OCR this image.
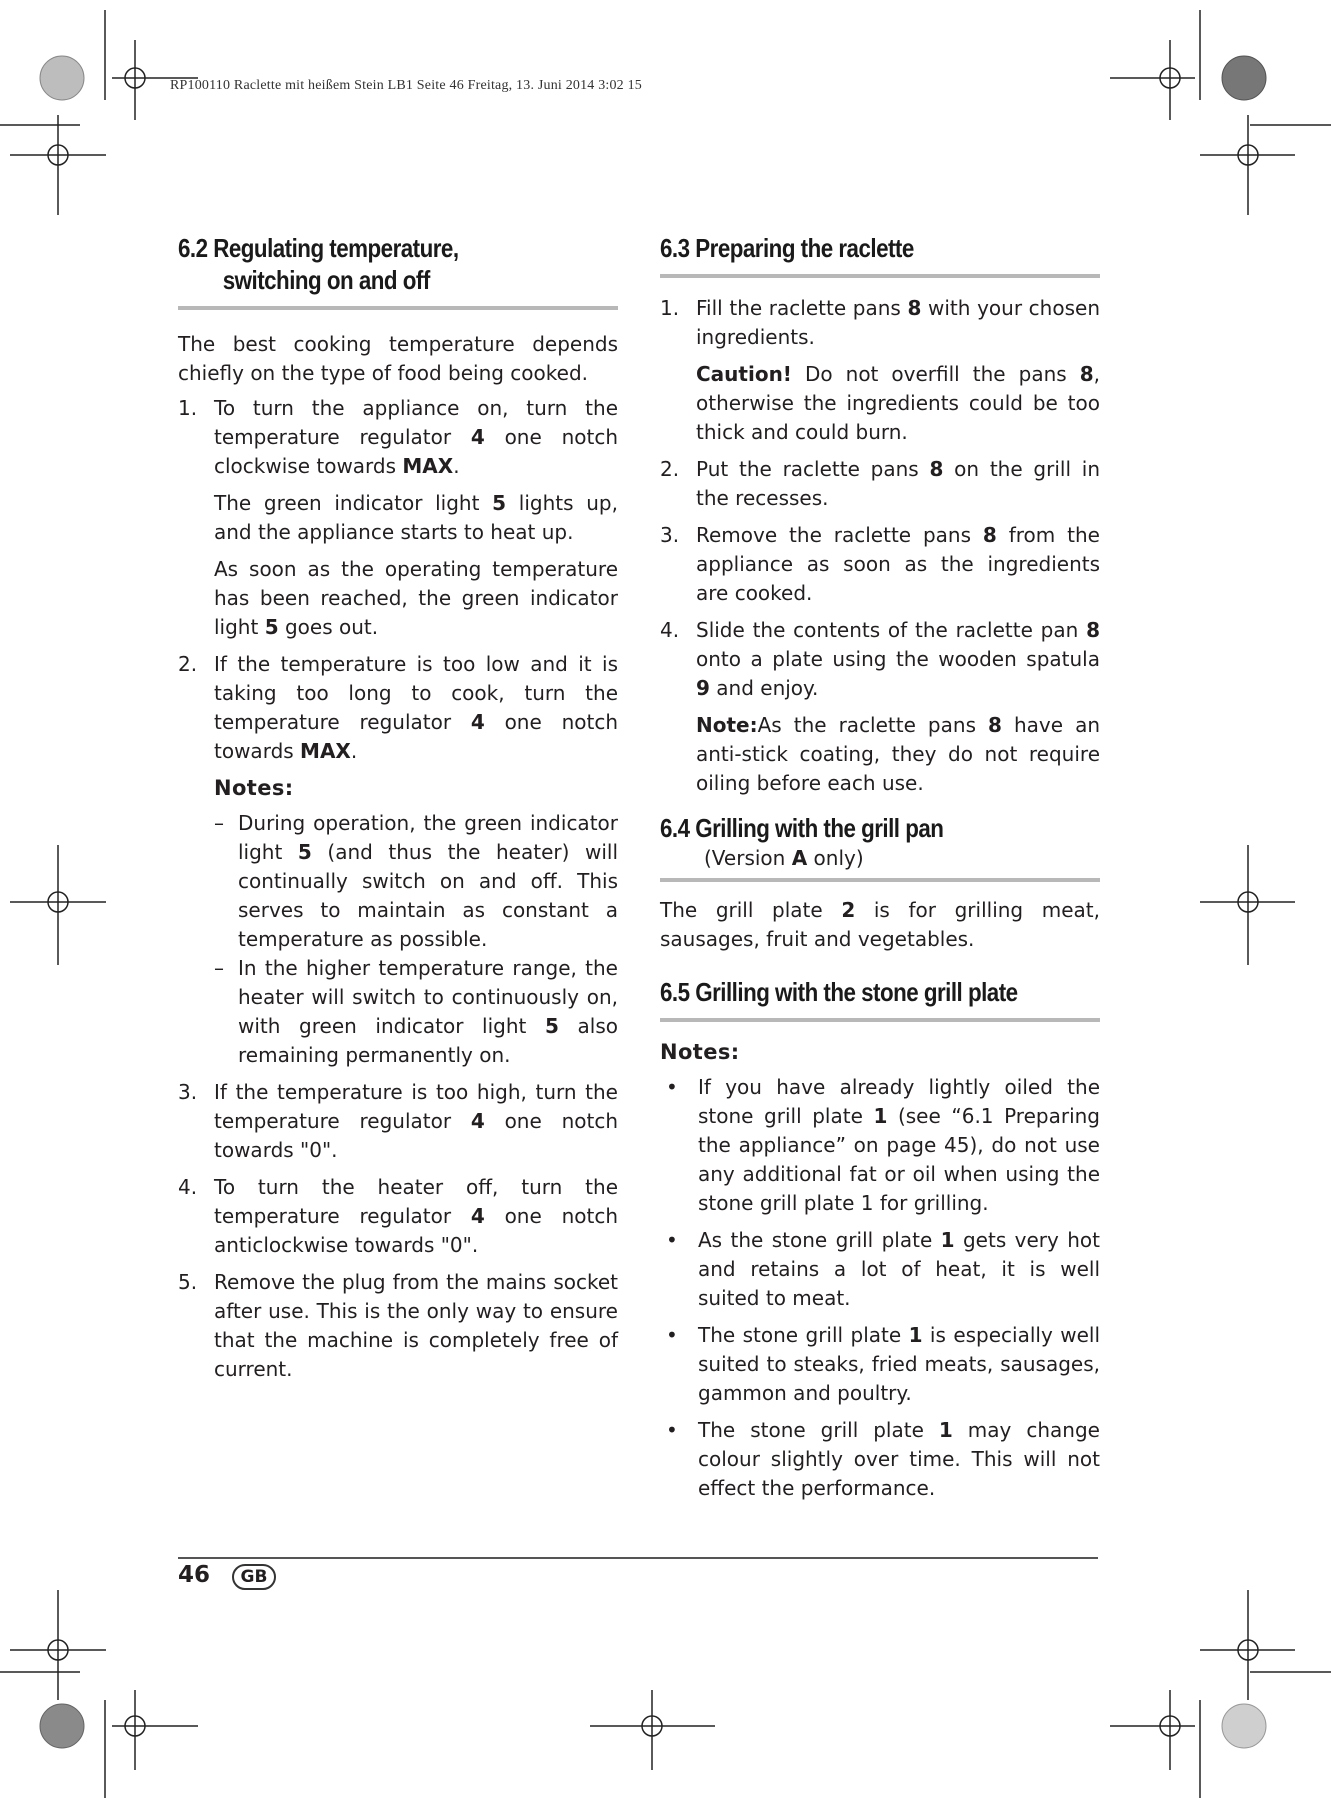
RP100110 Raclette mit heißem Stein LB1 Seite 46 Freitag, 13. Juni 2014 3:02 15
6.2 Regulating temperature,
switching on and off

The best cooking temperature depends chiefly on the type of food being cooked.

1. To turn the appliance on, turn the temperature regulator 4 one notch clockwise towards MAX.

The green indicator light 5 lights up, and the appliance starts to heat up.

As soon as the operating temperature has been reached, the green indicator light 5 goes out.

2. If the temperature is too low and it is taking too long to cook, turn the temperature regulator 4 one notch towards MAX.

Notes:

– During operation, the green indicator light 5 (and thus the heater) will continually switch on and off. This serves to maintain as constant a temperature as possible.
– In the higher temperature range, the heater will switch to continuously on, with green indicator light 5 also remaining permanently on.
3. If the temperature is too high, turn the temperature regulator 4 one notch towards "0".

4. To turn the heater off, turn the temperature regulator 4 one notch anticlockwise towards "0".

5. Remove the plug from the mains socket after use. This is the only way to ensure that the machine is completely free of current.

6.3 Preparing the raclette
1. Fill the raclette pans 8 with your chosen ingredients.

Caution! Do not overfill the pans 8, otherwise the ingredients could be too thick and could burn.

2. Put the raclette pans 8 on the grill in the recesses.

3. Remove the raclette pans 8 from the appliance as soon as the ingredients are cooked.

4. Slide the contents of the raclette pan 8 onto a plate using the wooden spatula 9 and enjoy.

Note:As the raclette pans 8 have an anti-stick coating, they do not require oiling before each use.

6.4 Grilling with the grill pan

(Version A only)

The grill plate 2 is for grilling meat, sausages, fruit and vegetables.

6.5 Grilling with the stone grill plate

Notes:

• If you have already lightly oiled the stone grill plate 1 (see “6.1 Preparing the appliance” on page 45), do not use any additional fat or oil when using the stone grill plate 1 for grilling.
• As the stone grill plate 1 gets very hot and retains a lot of heat, it is well suited to meat.
• The stone grill plate 1 is especially well suited to steaks, fried meats, sausages, gammon and poultry.
• The stone grill plate 1 may change colour slightly over time. This will not effect the performance.
46	GB
